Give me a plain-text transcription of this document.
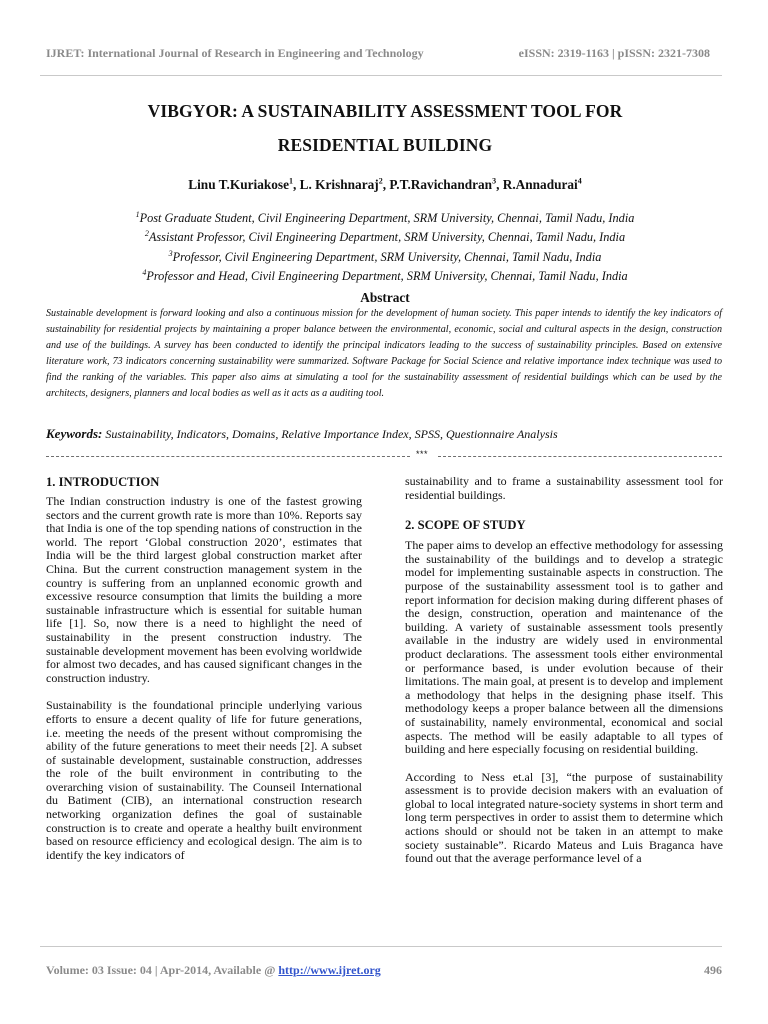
IJRET: International Journal of Research in Engineering and Technology	eISSN: 2319-1163 | pISSN: 2321-7308
VIBGYOR: A SUSTAINABILITY ASSESSMENT TOOL FOR
RESIDENTIAL BUILDING
Linu T.Kuriakose$^1$, L. Krishnaraj$^2$, P.T.Ravichandran$^3$, R.Annadurai$^4$
$^1$Post Graduate Student, Civil Engineering Department, SRM University, Chennai, Tamil Nadu, India
$^2$Assistant Professor, Civil Engineering Department, SRM University, Chennai, Tamil Nadu, India
$^3$Professor, Civil Engineering Department, SRM University, Chennai, Tamil Nadu, India
$^4$Professor and Head, Civil Engineering Department, SRM University, Chennai, Tamil Nadu, India
Abstract
Sustainable development is forward looking and also a continuous mission for the development of human society. This paper intends to identify the key indicators of sustainability for residential projects by maintaining a proper balance between the environmental, economic, social and cultural aspects in the design, construction and use of the buildings. A survey has been conducted to identify the principal indicators leading to the success of sustainability principles. Based on extensive literature work, 73 indicators concerning sustainability were summarized. Software Package for Social Science and relative importance index technique was used to find the ranking of the variables. This paper also aims at simulating a tool for the sustainability assessment of residential buildings which can be used by the architects, designers, planners and local bodies as well as it acts as a auditing tool.
Keywords: Sustainability, Indicators, Domains, Relative Importance Index, SPSS, Questionnaire Analysis
***
1. INTRODUCTION

The Indian construction industry is one of the fastest growing sectors and the current growth rate is more than 10%. Reports say that India is one of the top spending nations of construction in the world. The report ‘Global construction 2020’, estimates that India will be the third largest global construction market after China. But the current construction management system in the country is suffering from an unplanned economic growth and excessive resource consumption that limits the building a more sustainable infrastructure which is essential for suitable human life [1]. So, now there is a need to highlight the need of sustainability in the present construction industry. The sustainable development movement has been evolving worldwide for almost two decades, and has caused significant changes in the construction industry.

Sustainability is the foundational principle underlying various efforts to ensure a decent quality of life for future generations, i.e. meeting the needs of the present without compromising the ability of the future generations to meet their needs [2]. A subset of sustainable development, sustainable construction, addresses the role of the built environment in contributing to the overarching vision of sustainability. The Counseil International du Batiment (CIB), an international construction research networking organization defines the goal of sustainable construction is to create and operate a healthy built environment based on resource efficiency and ecological design. The aim is to identify the key indicators of

sustainability and to frame a sustainability assessment tool for residential buildings.

2. SCOPE OF STUDY

The paper aims to develop an effective methodology for assessing the sustainability of the buildings and to develop a strategic model for implementing sustainable aspects in construction. The purpose of the sustainability assessment tool is to gather and report information for decision making during different phases of the design, construction, operation and maintenance of the building. A variety of sustainable assessment tools presently available in the industry are widely used in environmental product declarations. The assessment tools either environmental or performance based, is under evolution because of their limitations. The main goal, at present is to develop and implement a methodology that helps in the designing phase itself. This methodology keeps a proper balance between all the dimensions of sustainability, namely environmental, economical and social aspects. The method will be easily adaptable to all types of building and here especially focusing on residential building.

According to Ness et.al [3], “the purpose of sustainability assessment is to provide decision makers with an evaluation of global to local integrated nature-society systems in short term and long term perspectives in order to assist them to determine which actions should or should not be taken in an attempt to make society sustainable”. Ricardo Mateus and Luis Braganca have found out that the average performance level of a

Volume: 03 Issue: 04 | Apr-2014, Available @ http://www.ijret.org	496
